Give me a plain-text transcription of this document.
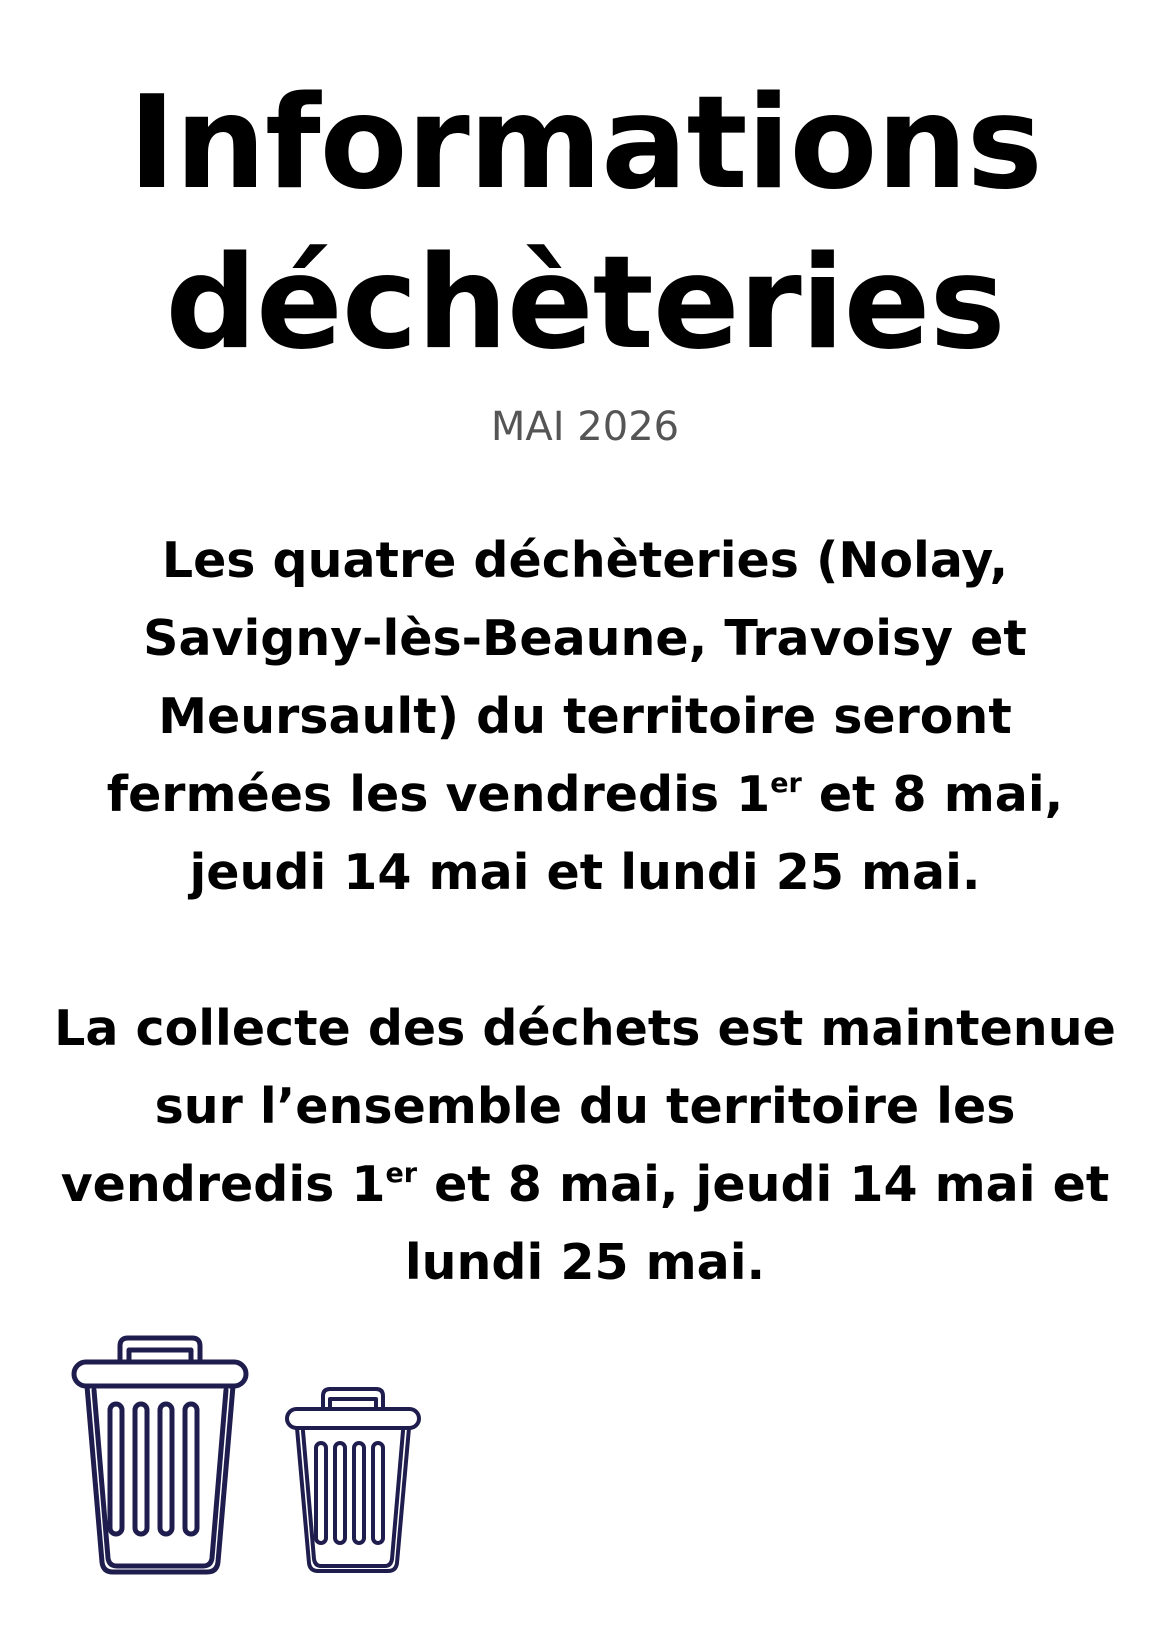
Informations
déchèteries
MAI 2026

Les quatre déchèteries (Nolay, Savigny-lès-Beaune, Travoisy et Meursault) du territoire seront fermées les vendredis 1er et 8 mai, jeudi 14 mai et lundi 25 mai.

La collecte des déchets est maintenue sur l’ensemble du territoire les vendredis 1er et 8 mai, jeudi 14 mai et lundi 25 mai.
